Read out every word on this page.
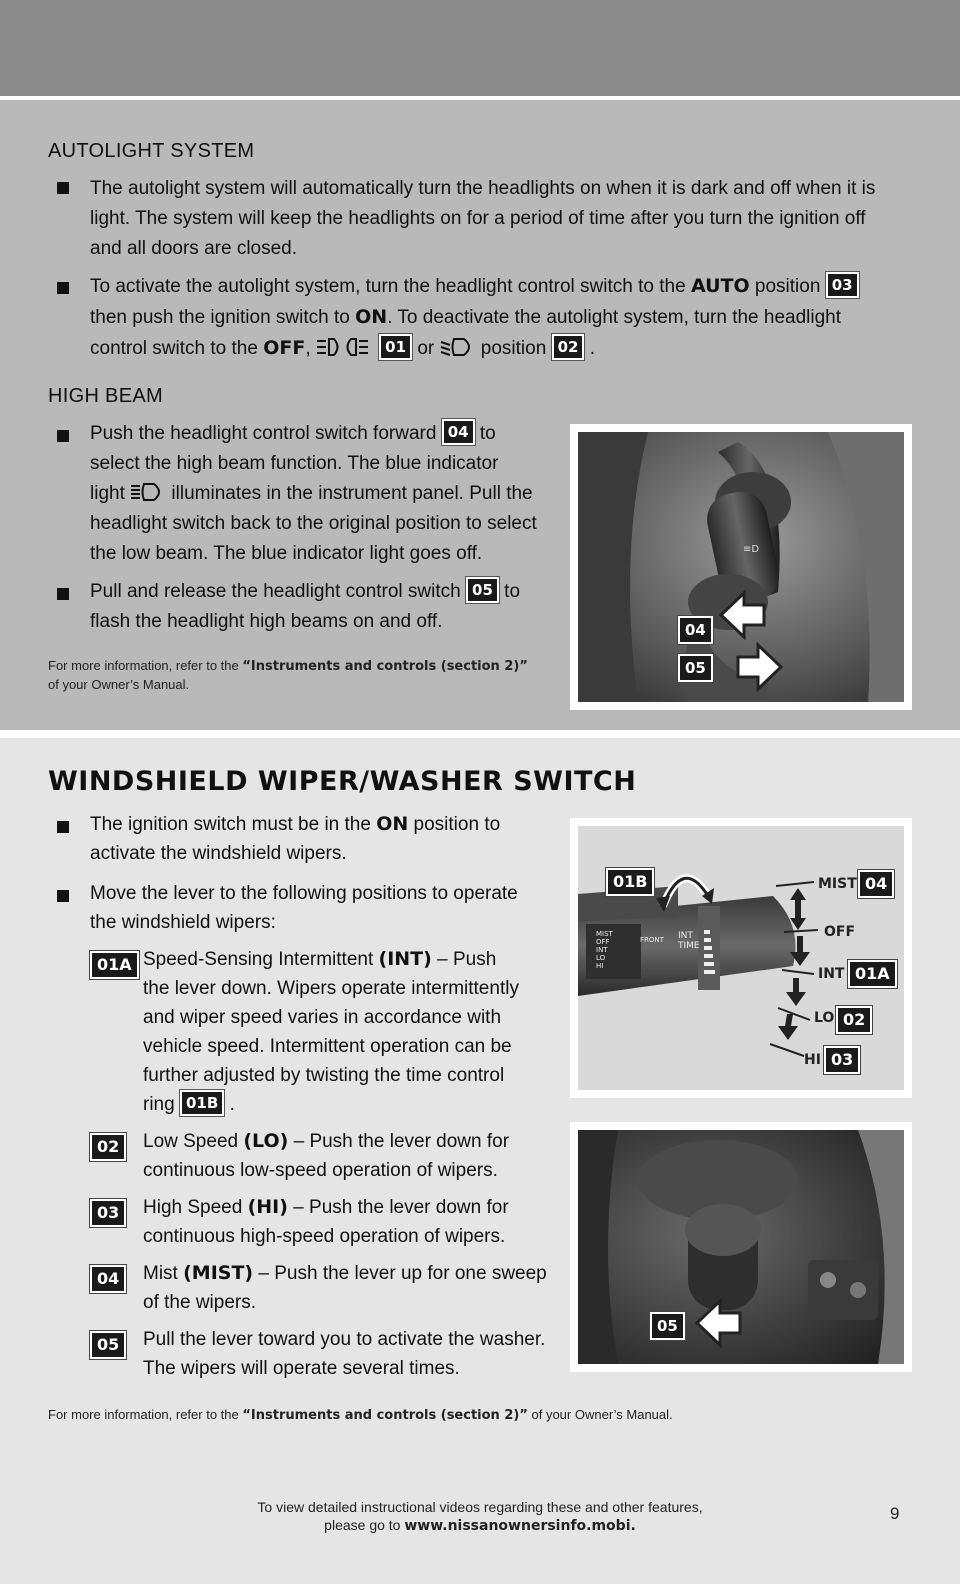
AUTOLIGHT SYSTEM
The autolight system will automatically turn the headlights on when it is dark and off when it is
light. The system will keep the headlights on for a period of time after you turn the ignition off
and all doors are closed.
To activate the autolight system, turn the headlight control switch to the AUTO position 03
then push the ignition switch to ON. To deactivate the autolight system, turn the headlight
control switch to the OFF,	01 or position 02 .
HIGH BEAM
Push the headlight control switch forward 04 to
select the high beam function. The blue indicator
light illuminates in the instrument panel. Pull the
headlight switch back to the original position to select
the low beam. The blue indicator light goes off.
Pull and release the headlight control switch 05 to
flash the headlight high beams on and off.
For more information, refer to the “Instruments and controls (section 2)”
of your Owner’s Manual.
≡D
04
05
WINDSHIELD WIPER/WASHER SWITCH
The ignition switch must be in the ON position to
activate the windshield wipers.
Move the lever to the following positions to operate
the windshield wipers:
01A Speed-Sensing Intermittent (INT) – Push
the lever down. Wipers operate intermittently
and wiper speed varies in accordance with
vehicle speed. Intermittent operation can be
further adjusted by twisting the time control
ring 01B .
02	Low Speed (LO) – Push the lever down for
continuous low-speed operation of wipers.
03	High Speed (HI) – Push the lever down for
continuous high-speed operation of wipers.
04	Mist (MIST) – Push the lever up for one sweep
of the wipers.
05	Pull the lever toward you to activate the washer.
The wipers will operate several times.
For more information, refer to the “Instruments and controls (section 2)” of your Owner’s Manual.
MIST
OFF
INT
LO
HI
FRONT INT
TIME
MIST
OFF
INT
LO
HI
01B	04
01A
02
03
05
To view detailed instructional videos regarding these and other features,
please go to www.nissanownersinfo.mobi.
9
